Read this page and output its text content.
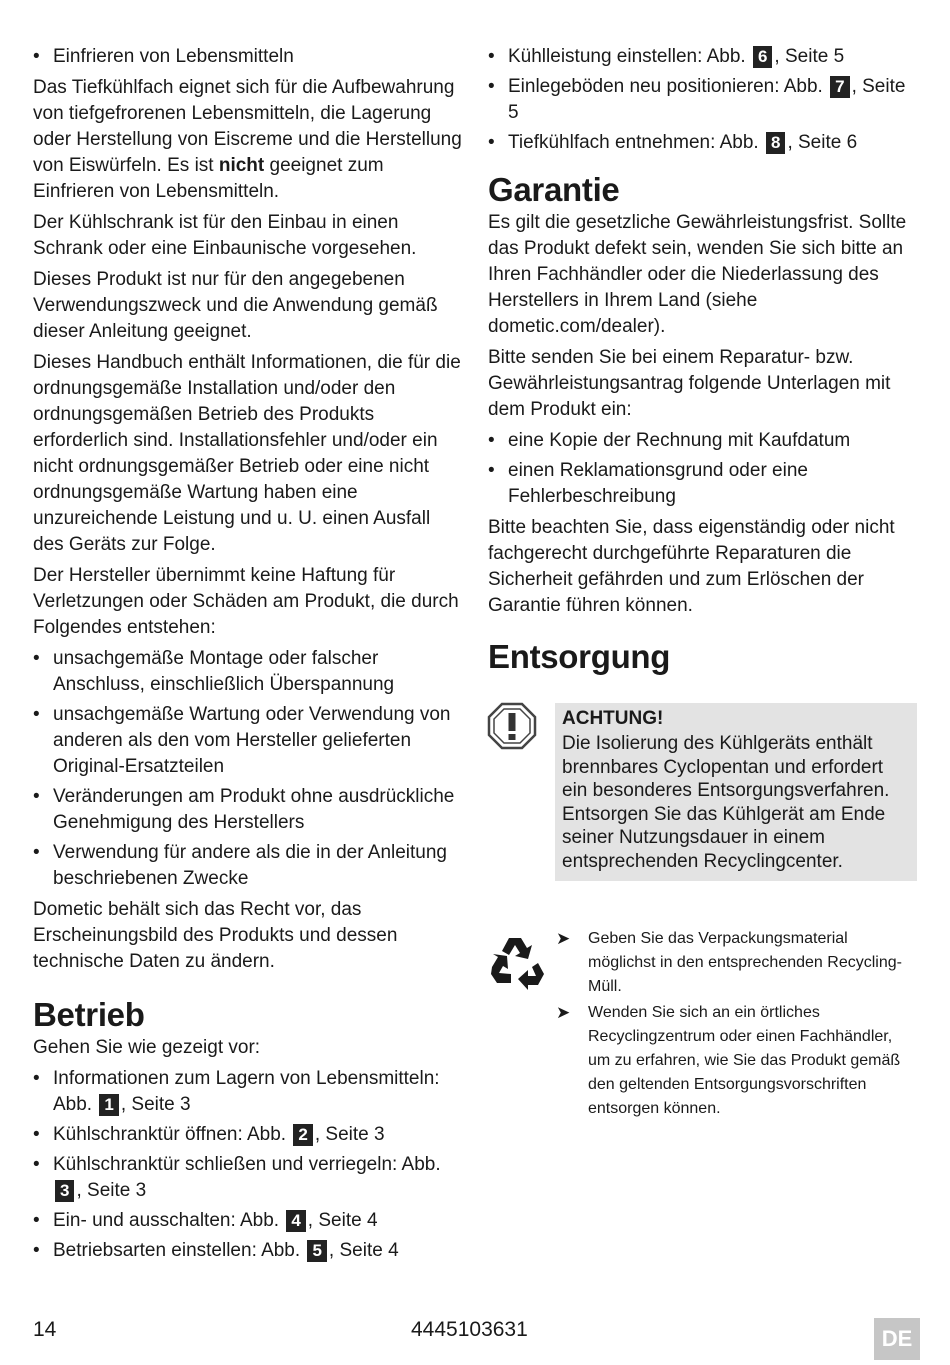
• Einfrieren von Lebensmitteln

Das Tiefkühlfach eignet sich für die Aufbewahrung von tiefgefrorenen Lebensmitteln, die Lagerung oder Herstellung von Eiscreme und die Herstellung von Eiswürfeln. Es ist nicht geeignet zum Einfrieren von Lebensmitteln.

Der Kühlschrank ist für den Einbau in einen Schrank oder eine Einbaunische vorgesehen.

Dieses Produkt ist nur für den angegebenen Verwendungszweck und die Anwendung gemäß dieser Anleitung geeignet.

Dieses Handbuch enthält Informationen, die für die ordnungsgemäße Installation und/oder den ordnungsgemäßen Betrieb des Produkts erforderlich sind. Installationsfehler und/oder ein nicht ordnungsgemäßer Betrieb oder eine nicht ordnungsgemäße Wartung haben eine unzureichende Leistung und u. U. einen Ausfall des Geräts zur Folge.

Der Hersteller übernimmt keine Haftung für Verletzungen oder Schäden am Produkt, die durch Folgendes entstehen:

• unsachgemäße Montage oder falscher Anschluss, einschließlich Überspannung
• unsachgemäße Wartung oder Verwendung von anderen als den vom Hersteller gelieferten Original-Ersatzteilen
• Veränderungen am Produkt ohne ausdrückliche Genehmigung des Herstellers
• Verwendung für andere als die in der Anleitung beschriebenen Zwecke

Dometic behält sich das Recht vor, das Erscheinungsbild des Produkts und dessen technische Daten zu ändern.

Betrieb

Gehen Sie wie gezeigt vor:

• Informationen zum Lagern von Lebensmitteln: Abb. 1 , Seite 3
• Kühlschranktür öffnen: Abb. 2 , Seite 3
• Kühlschranktür schließen und verriegeln: Abb. 3 , Seite 3
• Ein- und ausschalten: Abb. 4 , Seite 4
• Betriebsarten einstellen: Abb. 5 , Seite 4
• Kühlleistung einstellen: Abb. 6 , Seite 5
• Einlegeböden neu positionieren: Abb. 7 , Seite 5
• Tiefkühlfach entnehmen: Abb. 8 , Seite 6
Garantie

Es gilt die gesetzliche Gewährleistungsfrist. Sollte das Produkt defekt sein, wenden Sie sich bitte an Ihren Fachhändler oder die Niederlassung des Herstellers in Ihrem Land (siehe dometic.com/dealer).

Bitte senden Sie bei einem Reparatur- bzw. Gewährleistungsantrag folgende Unterlagen mit dem Produkt ein:

• eine Kopie der Rechnung mit Kaufdatum
• einen Reklamationsgrund oder eine Fehlerbeschreibung

Bitte beachten Sie, dass eigenständig oder nicht fachgerecht durchgeführte Reparaturen die Sicherheit gefährden und zum Erlöschen der Garantie führen können.

Entsorgung

ACHTUNG!

Die Isolierung des Kühlgeräts enthält brennbares Cyclopentan und erfordert ein besonderes Entsorgungsverfahren. Entsorgen Sie das Kühlgerät am Ende seiner Nutzungsdauer in einem entsprechenden Recyclingcenter.

➤ Geben Sie das Verpackungsmaterial möglichst in den entsprechenden Recycling-Müll.
➤ Wenden Sie sich an ein örtliches Recyclingzentrum oder einen Fachhändler, um zu erfahren, wie Sie das Produkt gemäß den geltenden Entsorgungsvorschriften entsorgen können.
14	4445103631	DE
